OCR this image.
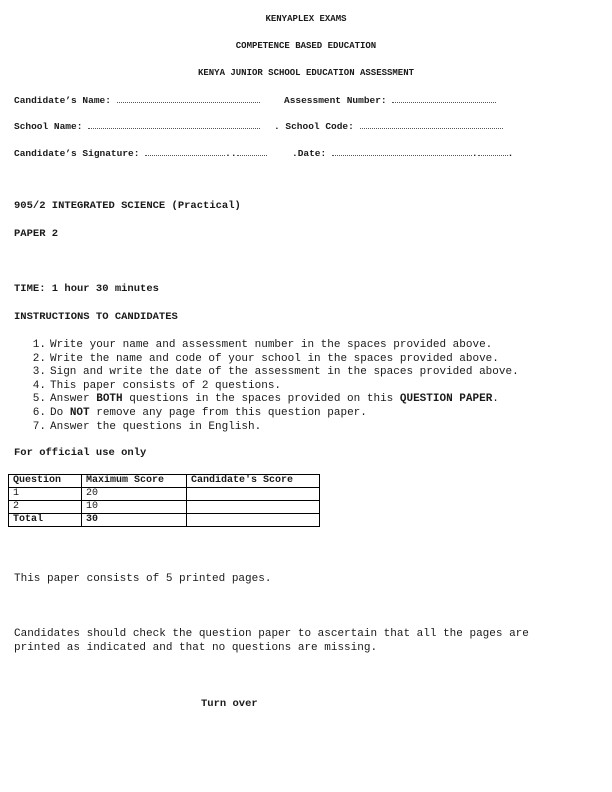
KENYAPLEX EXAMS
COMPETENCE BASED EDUCATION
KENYA JUNIOR SCHOOL EDUCATION ASSESSMENT
Candidate’s Name:	Assessment Number:
School Name:	. School Code:
Candidate’s Signature:	..	.Date:	.	.
905/2 INTEGRATED SCIENCE (Practical)
PAPER 2
TIME: 1 hour 30 minutes
INSTRUCTIONS TO CANDIDATES
1. Write your name and assessment number in the spaces provided above.
2. Write the name and code of your school in the spaces provided above.
3. Sign and write the date of the assessment in the spaces provided above.
4. This paper consists of 2 questions.
5. Answer BOTH questions in the spaces provided on this QUESTION PAPER.
6. Do NOT remove any page from this question paper.
7. Answer the questions in English.
For official use only
Question	Maximum Score	Candidate's Score
1	20	
2	10	
Total	30	
This paper consists of 5 printed pages.
Candidates should check the question paper to ascertain that all the pages are
printed as indicated and that no questions are missing.
Turn over
